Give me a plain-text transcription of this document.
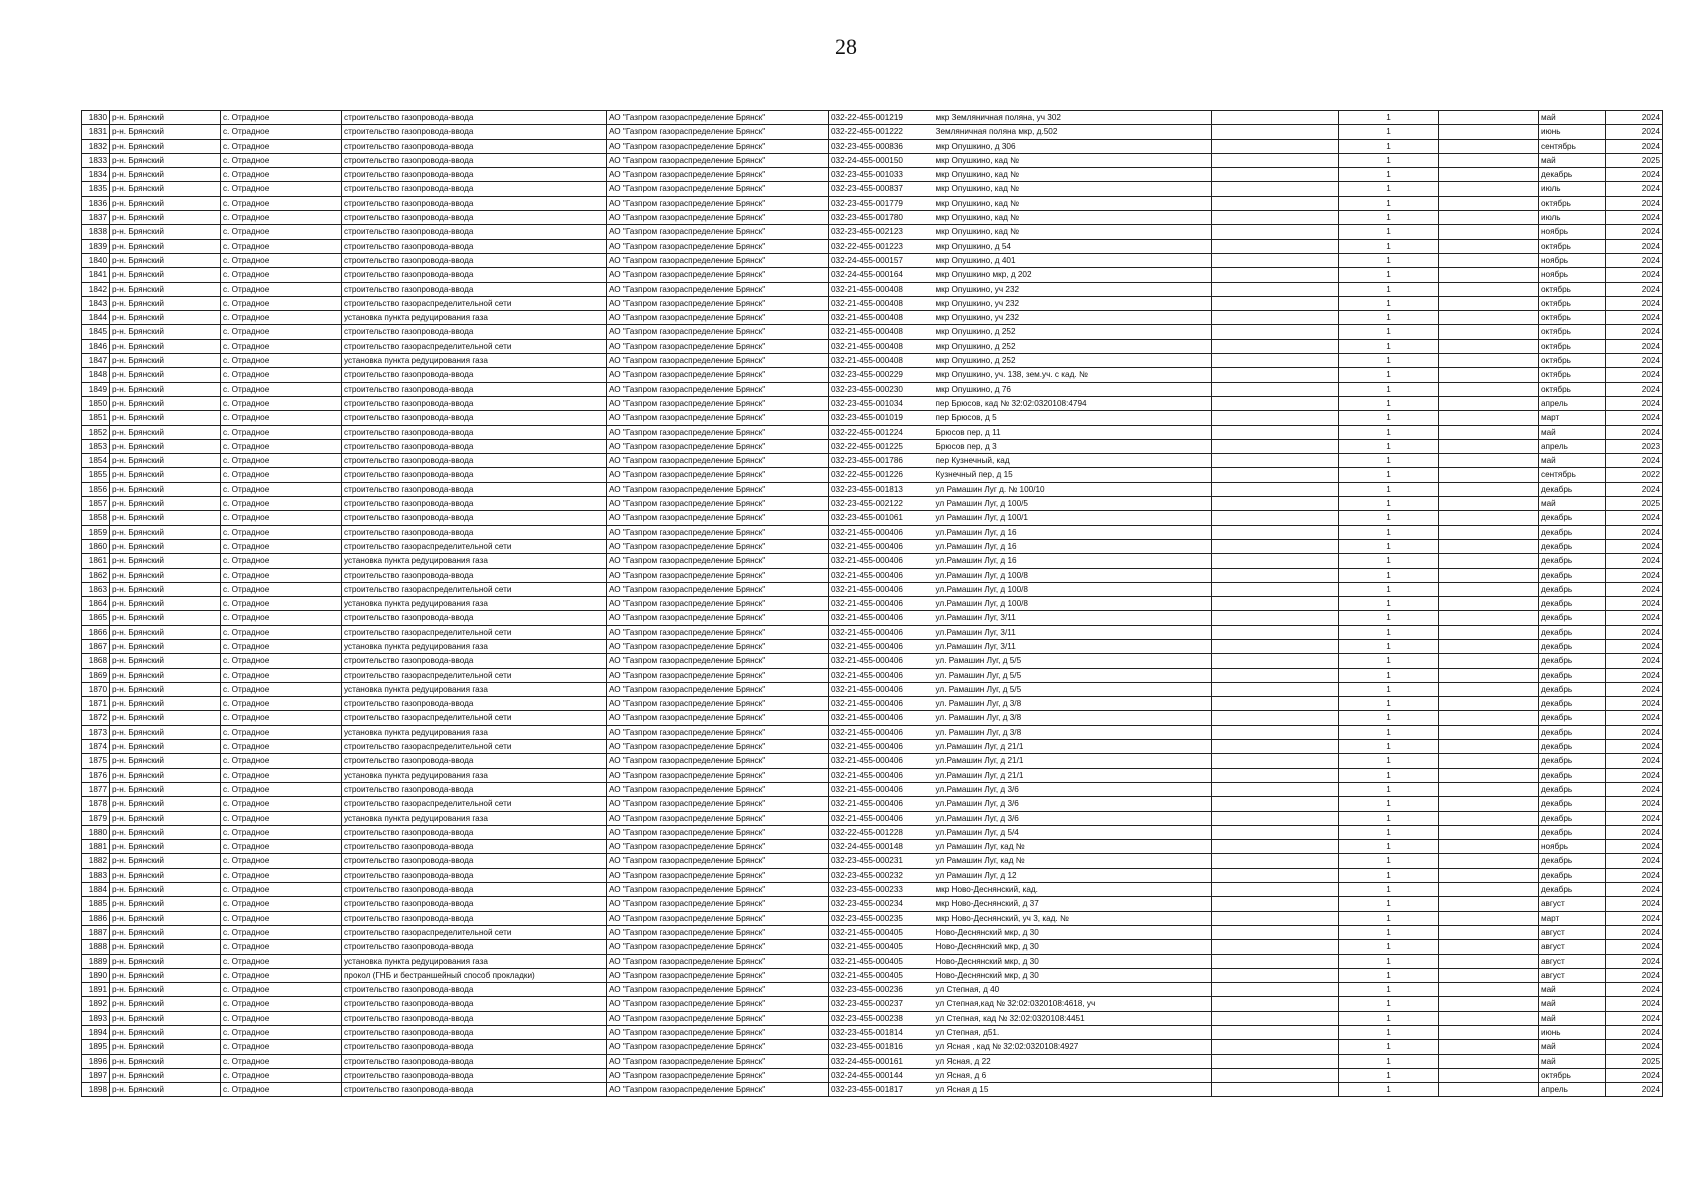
28
1830	р-н. Брянский	с. Отрадное	строительство газопровода-ввода	АО "Газпром газораспределение Брянск"	032-22-455-001219	мкр Земляничная поляна, уч 302		1		май	2024
1831	р-н. Брянский	с. Отрадное	строительство газопровода-ввода	АО "Газпром газораспределение Брянск"	032-22-455-001222	Земляничная поляна мкр, д.502		1		июнь	2024
1832	р-н. Брянский	с. Отрадное	строительство газопровода-ввода	АО "Газпром газораспределение Брянск"	032-23-455-000836	мкр Опушкино, д 306		1		сентябрь	2024
1833	р-н. Брянский	с. Отрадное	строительство газопровода-ввода	АО "Газпром газораспределение Брянск"	032-24-455-000150	мкр Опушкино, кад №		1		май	2025
1834	р-н. Брянский	с. Отрадное	строительство газопровода-ввода	АО "Газпром газораспределение Брянск"	032-23-455-001033	мкр Опушкино, кад №		1		декабрь	2024
1835	р-н. Брянский	с. Отрадное	строительство газопровода-ввода	АО "Газпром газораспределение Брянск"	032-23-455-000837	мкр Опушкино, кад №		1		июль	2024
1836	р-н. Брянский	с. Отрадное	строительство газопровода-ввода	АО "Газпром газораспределение Брянск"	032-23-455-001779	мкр Опушкино, кад №		1		октябрь	2024
1837	р-н. Брянский	с. Отрадное	строительство газопровода-ввода	АО "Газпром газораспределение Брянск"	032-23-455-001780	мкр Опушкино, кад №		1		июль	2024
1838	р-н. Брянский	с. Отрадное	строительство газопровода-ввода	АО "Газпром газораспределение Брянск"	032-23-455-002123	мкр Опушкино, кад №		1		ноябрь	2024
1839	р-н. Брянский	с. Отрадное	строительство газопровода-ввода	АО "Газпром газораспределение Брянск"	032-22-455-001223	мкр Опушкино, д 54		1		октябрь	2024
1840	р-н. Брянский	с. Отрадное	строительство газопровода-ввода	АО "Газпром газораспределение Брянск"	032-24-455-000157	мкр Опушкино, д 401		1		ноябрь	2024
1841	р-н. Брянский	с. Отрадное	строительство газопровода-ввода	АО "Газпром газораспределение Брянск"	032-24-455-000164	мкр Опушкино мкр, д 202		1		ноябрь	2024
1842	р-н. Брянский	с. Отрадное	строительство газопровода-ввода	АО "Газпром газораспределение Брянск"	032-21-455-000408	мкр Опушкино, уч 232		1		октябрь	2024
1843	р-н. Брянский	с. Отрадное	строительство газораспределительной сети	АО "Газпром газораспределение Брянск"	032-21-455-000408	мкр Опушкино, уч 232		1		октябрь	2024
1844	р-н. Брянский	с. Отрадное	установка пункта редуцирования газа	АО "Газпром газораспределение Брянск"	032-21-455-000408	мкр Опушкино, уч 232		1		октябрь	2024
1845	р-н. Брянский	с. Отрадное	строительство газопровода-ввода	АО "Газпром газораспределение Брянск"	032-21-455-000408	мкр Опушкино, д 252		1		октябрь	2024
1846	р-н. Брянский	с. Отрадное	строительство газораспределительной сети	АО "Газпром газораспределение Брянск"	032-21-455-000408	мкр Опушкино, д 252		1		октябрь	2024
1847	р-н. Брянский	с. Отрадное	установка пункта редуцирования газа	АО "Газпром газораспределение Брянск"	032-21-455-000408	мкр Опушкино, д 252		1		октябрь	2024
1848	р-н. Брянский	с. Отрадное	строительство газопровода-ввода	АО "Газпром газораспределение Брянск"	032-23-455-000229	мкр Опушкино, уч. 138, зем.уч. с кад. №		1		октябрь	2024
1849	р-н. Брянский	с. Отрадное	строительство газопровода-ввода	АО "Газпром газораспределение Брянск"	032-23-455-000230	мкр Опушкино, д 76		1		октябрь	2024
1850	р-н. Брянский	с. Отрадное	строительство газопровода-ввода	АО "Газпром газораспределение Брянск"	032-23-455-001034	пер Брюсов, кад № 32:02:0320108:4794		1		апрель	2024
1851	р-н. Брянский	с. Отрадное	строительство газопровода-ввода	АО "Газпром газораспределение Брянск"	032-23-455-001019	пер Брюсов, д 5		1		март	2024
1852	р-н. Брянский	с. Отрадное	строительство газопровода-ввода	АО "Газпром газораспределение Брянск"	032-22-455-001224	Брюсов пер, д 11		1		май	2024
1853	р-н. Брянский	с. Отрадное	строительство газопровода-ввода	АО "Газпром газораспределение Брянск"	032-22-455-001225	Брюсов пер, д 3		1		апрель	2023
1854	р-н. Брянский	с. Отрадное	строительство газопровода-ввода	АО "Газпром газораспределение Брянск"	032-23-455-001786	пер Кузнечный, кад		1		май	2024
1855	р-н. Брянский	с. Отрадное	строительство газопровода-ввода	АО "Газпром газораспределение Брянск"	032-22-455-001226	Кузнечный пер, д 15		1		сентябрь	2022
1856	р-н. Брянский	с. Отрадное	строительство газопровода-ввода	АО "Газпром газораспределение Брянск"	032-23-455-001813	ул Рамашин Луг д. № 100/10		1		декабрь	2024
1857	р-н. Брянский	с. Отрадное	строительство газопровода-ввода	АО "Газпром газораспределение Брянск"	032-23-455-002122	ул Рамашин Луг, д 100/5		1		май	2025
1858	р-н. Брянский	с. Отрадное	строительство газопровода-ввода	АО "Газпром газораспределение Брянск"	032-23-455-001061	ул Рамашин Луг, д 100/1		1		декабрь	2024
1859	р-н. Брянский	с. Отрадное	строительство газопровода-ввода	АО "Газпром газораспределение Брянск"	032-21-455-000406	ул.Рамашин Луг, д 16		1		декабрь	2024
1860	р-н. Брянский	с. Отрадное	строительство газораспределительной сети	АО "Газпром газораспределение Брянск"	032-21-455-000406	ул.Рамашин Луг, д 16		1		декабрь	2024
1861	р-н. Брянский	с. Отрадное	установка пункта редуцирования газа	АО "Газпром газораспределение Брянск"	032-21-455-000406	ул.Рамашин Луг, д 16		1		декабрь	2024
1862	р-н. Брянский	с. Отрадное	строительство газопровода-ввода	АО "Газпром газораспределение Брянск"	032-21-455-000406	ул.Рамашин Луг, д 100/8		1		декабрь	2024
1863	р-н. Брянский	с. Отрадное	строительство газораспределительной сети	АО "Газпром газораспределение Брянск"	032-21-455-000406	ул.Рамашин Луг, д 100/8		1		декабрь	2024
1864	р-н. Брянский	с. Отрадное	установка пункта редуцирования газа	АО "Газпром газораспределение Брянск"	032-21-455-000406	ул.Рамашин Луг, д 100/8		1		декабрь	2024
1865	р-н. Брянский	с. Отрадное	строительство газопровода-ввода	АО "Газпром газораспределение Брянск"	032-21-455-000406	ул.Рамашин Луг, 3/11		1		декабрь	2024
1866	р-н. Брянский	с. Отрадное	строительство газораспределительной сети	АО "Газпром газораспределение Брянск"	032-21-455-000406	ул.Рамашин Луг, 3/11		1		декабрь	2024
1867	р-н. Брянский	с. Отрадное	установка пункта редуцирования газа	АО "Газпром газораспределение Брянск"	032-21-455-000406	ул.Рамашин Луг, 3/11		1		декабрь	2024
1868	р-н. Брянский	с. Отрадное	строительство газопровода-ввода	АО "Газпром газораспределение Брянск"	032-21-455-000406	ул. Рамашин Луг, д 5/5		1		декабрь	2024
1869	р-н. Брянский	с. Отрадное	строительство газораспределительной сети	АО "Газпром газораспределение Брянск"	032-21-455-000406	ул. Рамашин Луг, д 5/5		1		декабрь	2024
1870	р-н. Брянский	с. Отрадное	установка пункта редуцирования газа	АО "Газпром газораспределение Брянск"	032-21-455-000406	ул. Рамашин Луг, д 5/5		1		декабрь	2024
1871	р-н. Брянский	с. Отрадное	строительство газопровода-ввода	АО "Газпром газораспределение Брянск"	032-21-455-000406	ул. Рамашин Луг, д 3/8		1		декабрь	2024
1872	р-н. Брянский	с. Отрадное	строительство газораспределительной сети	АО "Газпром газораспределение Брянск"	032-21-455-000406	ул. Рамашин Луг, д 3/8		1		декабрь	2024
1873	р-н. Брянский	с. Отрадное	установка пункта редуцирования газа	АО "Газпром газораспределение Брянск"	032-21-455-000406	ул. Рамашин Луг, д 3/8		1		декабрь	2024
1874	р-н. Брянский	с. Отрадное	строительство газораспределительной сети	АО "Газпром газораспределение Брянск"	032-21-455-000406	ул.Рамашин Луг, д 21/1		1		декабрь	2024
1875	р-н. Брянский	с. Отрадное	строительство газопровода-ввода	АО "Газпром газораспределение Брянск"	032-21-455-000406	ул.Рамашин Луг, д 21/1		1		декабрь	2024
1876	р-н. Брянский	с. Отрадное	установка пункта редуцирования газа	АО "Газпром газораспределение Брянск"	032-21-455-000406	ул.Рамашин Луг, д 21/1		1		декабрь	2024
1877	р-н. Брянский	с. Отрадное	строительство газопровода-ввода	АО "Газпром газораспределение Брянск"	032-21-455-000406	ул.Рамашин Луг, д 3/6		1		декабрь	2024
1878	р-н. Брянский	с. Отрадное	строительство газораспределительной сети	АО "Газпром газораспределение Брянск"	032-21-455-000406	ул.Рамашин Луг, д 3/6		1		декабрь	2024
1879	р-н. Брянский	с. Отрадное	установка пункта редуцирования газа	АО "Газпром газораспределение Брянск"	032-21-455-000406	ул.Рамашин Луг, д 3/6		1		декабрь	2024
1880	р-н. Брянский	с. Отрадное	строительство газопровода-ввода	АО "Газпром газораспределение Брянск"	032-22-455-001228	ул.Рамашин Луг, д 5/4		1		декабрь	2024
1881	р-н. Брянский	с. Отрадное	строительство газопровода-ввода	АО "Газпром газораспределение Брянск"	032-24-455-000148	ул Рамашин Луг, кад №		1		ноябрь	2024
1882	р-н. Брянский	с. Отрадное	строительство газопровода-ввода	АО "Газпром газораспределение Брянск"	032-23-455-000231	ул Рамашин Луг, кад №		1		декабрь	2024
1883	р-н. Брянский	с. Отрадное	строительство газопровода-ввода	АО "Газпром газораспределение Брянск"	032-23-455-000232	ул Рамашин Луг, д 12		1		декабрь	2024
1884	р-н. Брянский	с. Отрадное	строительство газопровода-ввода	АО "Газпром газораспределение Брянск"	032-23-455-000233	мкр Ново-Деснянский, кад.		1		декабрь	2024
1885	р-н. Брянский	с. Отрадное	строительство газопровода-ввода	АО "Газпром газораспределение Брянск"	032-23-455-000234	мкр Ново-Деснянский, д 37		1		август	2024
1886	р-н. Брянский	с. Отрадное	строительство газопровода-ввода	АО "Газпром газораспределение Брянск"	032-23-455-000235	мкр Ново-Деснянский, уч 3, кад. №		1		март	2024
1887	р-н. Брянский	с. Отрадное	строительство газораспределительной сети	АО "Газпром газораспределение Брянск"	032-21-455-000405	Ново-Деснянский мкр, д 30		1		август	2024
1888	р-н. Брянский	с. Отрадное	строительство газопровода-ввода	АО "Газпром газораспределение Брянск"	032-21-455-000405	Ново-Деснянский мкр, д 30		1		август	2024
1889	р-н. Брянский	с. Отрадное	установка пункта редуцирования газа	АО "Газпром газораспределение Брянск"	032-21-455-000405	Ново-Деснянский мкр, д 30		1		август	2024
1890	р-н. Брянский	с. Отрадное	прокол (ГНБ и бестраншейный способ прокладки)	АО "Газпром газораспределение Брянск"	032-21-455-000405	Ново-Деснянский мкр, д 30		1		август	2024
1891	р-н. Брянский	с. Отрадное	строительство газопровода-ввода	АО "Газпром газораспределение Брянск"	032-23-455-000236	ул Степная, д 40		1		май	2024
1892	р-н. Брянский	с. Отрадное	строительство газопровода-ввода	АО "Газпром газораспределение Брянск"	032-23-455-000237	ул Степная,кад № 32:02:0320108:4618, уч		1		май	2024
1893	р-н. Брянский	с. Отрадное	строительство газопровода-ввода	АО "Газпром газораспределение Брянск"	032-23-455-000238	ул Степная, кад № 32:02:0320108:4451		1		май	2024
1894	р-н. Брянский	с. Отрадное	строительство газопровода-ввода	АО "Газпром газораспределение Брянск"	032-23-455-001814	ул Степная, д51.		1		июнь	2024
1895	р-н. Брянский	с. Отрадное	строительство газопровода-ввода	АО "Газпром газораспределение Брянск"	032-23-455-001816	ул Ясная , кад № 32:02:0320108:4927		1		май	2024
1896	р-н. Брянский	с. Отрадное	строительство газопровода-ввода	АО "Газпром газораспределение Брянск"	032-24-455-000161	ул Ясная, д 22		1		май	2025
1897	р-н. Брянский	с. Отрадное	строительство газопровода-ввода	АО "Газпром газораспределение Брянск"	032-24-455-000144	ул Ясная, д 6		1		октябрь	2024
1898	р-н. Брянский	с. Отрадное	строительство газопровода-ввода	АО "Газпром газораспределение Брянск"	032-23-455-001817	ул Ясная д 15		1		апрель	2024
